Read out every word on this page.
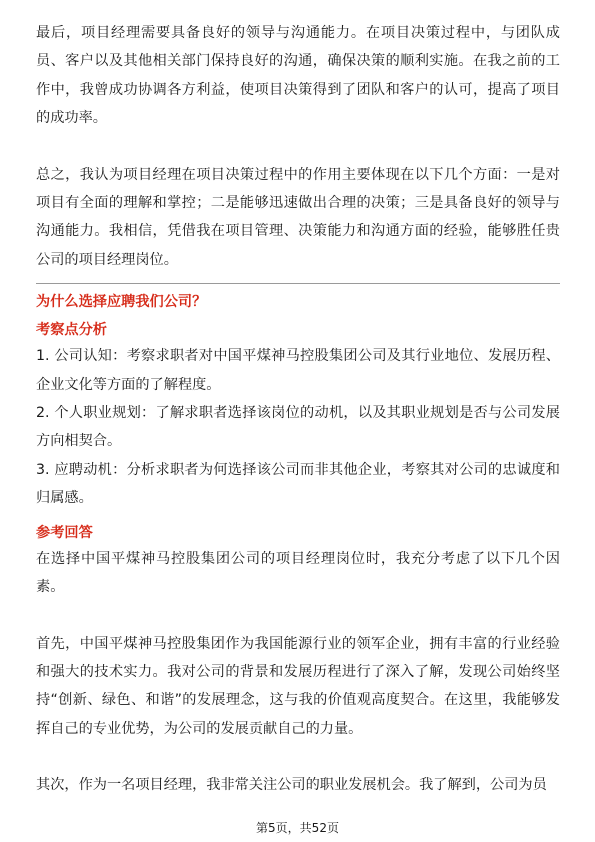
最后，项目经理需要具备良好的领导与沟通能力。在项目决策过程中，与团队成员、客户以及其他相关部门保持良好的沟通，确保决策的顺利实施。在我之前的工作中，我曾成功协调各方利益，使项目决策得到了团队和客户的认可，提高了项目的成功率。

总之，我认为项目经理在项目决策过程中的作用主要体现在以下几个方面：一是对项目有全面的理解和掌控；二是能够迅速做出合理的决策；三是具备良好的领导与沟通能力。我相信，凭借我在项目管理、决策能力和沟通方面的经验，能够胜任贵公司的项目经理岗位。

为什么选择应聘我们公司？

考察点分析

1. 公司认知：考察求职者对中国平煤神马控股集团公司及其行业地位、发展历程、企业文化等方面的了解程度。

2. 个人职业规划：了解求职者选择该岗位的动机，以及其职业规划是否与公司发展方向相契合。

3. 应聘动机：分析求职者为何选择该公司而非其他企业，考察其对公司的忠诚度和归属感。

参考回答

在选择中国平煤神马控股集团公司的项目经理岗位时，我充分考虑了以下几个因素。

首先，中国平煤神马控股集团作为我国能源行业的领军企业，拥有丰富的行业经验和强大的技术实力。我对公司的背景和发展历程进行了深入了解，发现公司始终坚持“创新、绿色、和谐”的发展理念，这与我的价值观高度契合。在这里，我能够发挥自己的专业优势，为公司的发展贡献自己的力量。

其次，作为一名项目经理，我非常关注公司的职业发展机会。我了解到，公司为员

第5页，共52页
